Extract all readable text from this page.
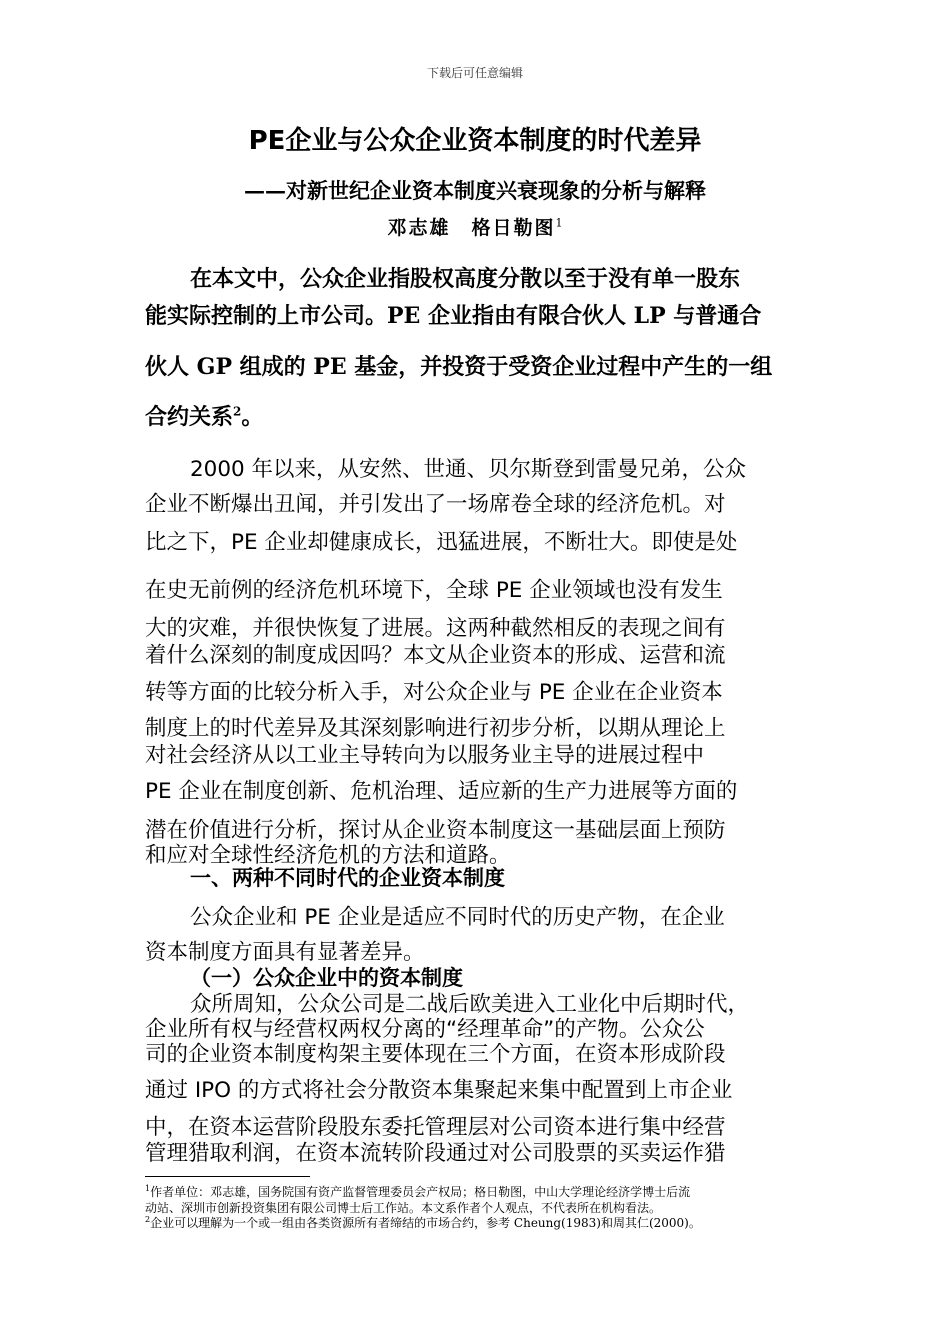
下载后可任意编辑
PE企业与公众企业资本制度的时代差异
——对新世纪企业资本制度兴衰现象的分析与解释
邓志雄　格日勒图$^1$
在本文中，公众企业指股权高度分散以至于没有单一股东
能实际控制的上市公司。PE 企业指由有限合伙人 LP 与普通合
伙人 GP 组成的 PE 基金，并投资于受资企业过程中产生的一组
合约关系$^2$。
2000 年以来，从安然、世通、贝尔斯登到雷曼兄弟，公众
企业不断爆出丑闻，并引发出了一场席卷全球的经济危机。对
比之下，PE 企业却健康成长，迅猛进展，不断壮大。即使是处
在史无前例的经济危机环境下，全球 PE 企业领域也没有发生
大的灾难，并很快恢复了进展。这两种截然相反的表现之间有
着什么深刻的制度成因吗？本文从企业资本的形成、运营和流
转等方面的比较分析入手，对公众企业与 PE 企业在企业资本
制度上的时代差异及其深刻影响进行初步分析，以期从理论上
对社会经济从以工业主导转向为以服务业主导的进展过程中
PE 企业在制度创新、危机治理、适应新的生产力进展等方面的
潜在价值进行分析，探讨从企业资本制度这一基础层面上预防
和应对全球性经济危机的方法和道路。
一、两种不同时代的企业资本制度
公众企业和 PE 企业是适应不同时代的历史产物，在企业
资本制度方面具有显著差异。
（一）公众企业中的资本制度
众所周知，公众公司是二战后欧美进入工业化中后期时代，
企业所有权与经营权两权分离的“经理革命”的产物。公众公
司的企业资本制度构架主要体现在三个方面，在资本形成阶段
通过 IPO 的方式将社会分散资本集聚起来集中配置到上市企业
中，在资本运营阶段股东委托管理层对公司资本进行集中经营
管理猎取利润，在资本流转阶段通过对公司股票的买卖运作猎
$^1$作者单位：邓志雄，国务院国有资产监督管理委员会产权局；格日勒图，中山大学理论经济学博士后流
动站、深圳市创新投资集团有限公司博士后工作站。本文系作者个人观点，不代表所在机构看法。
$^2$企业可以理解为一个或一组由各类资源所有者缔结的市场合约，参考 Cheung(1983)和周其仁(2000)。
